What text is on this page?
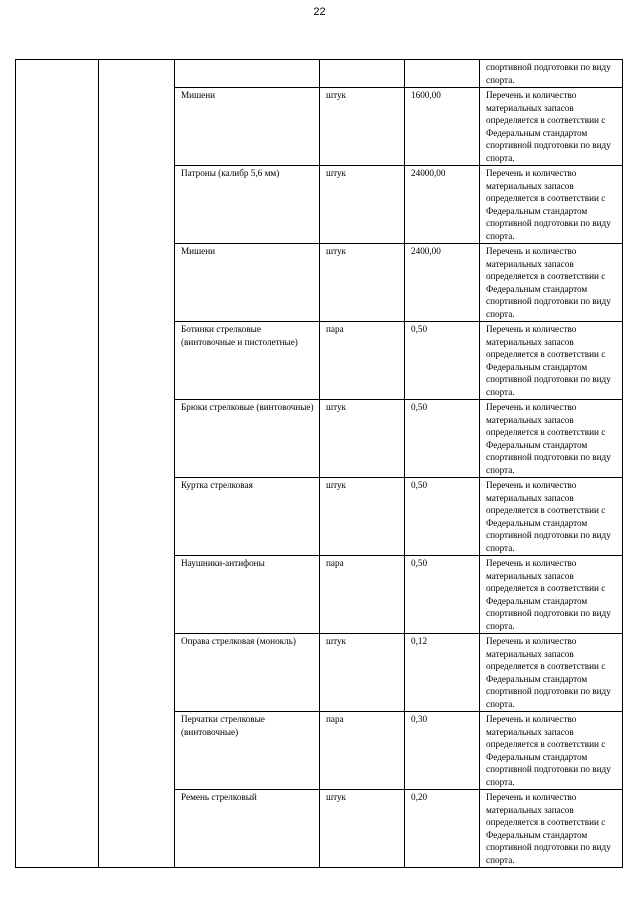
22
					спортивной подготовки по виду спорта.
		Мишени	штук	1600,00	Перечень и количество материальных запасов определяется в соответствии с Федеральным стандартом спортивной подготовки по виду спорта.
		Патроны (калибр 5,6 мм)	штук	24000,00	Перечень и количество материальных запасов определяется в соответствии с Федеральным стандартом спортивной подготовки по виду спорта.
		Мишени	штук	2400,00	Перечень и количество материальных запасов определяется в соответствии с Федеральным стандартом спортивной подготовки по виду спорта.
		Ботинки стрелковые (винтовочные и пистолетные)	пара	0,50	Перечень и количество материальных запасов определяется в соответствии с Федеральным стандартом спортивной подготовки по виду спорта.
		Брюки стрелковые (винтовочные)	штук	0,50	Перечень и количество материальных запасов определяется в соответствии с Федеральным стандартом спортивной подготовки по виду спорта.
		Куртка стрелковая	штук	0,50	Перечень и количество материальных запасов определяется в соответствии с Федеральным стандартом спортивной подготовки по виду спорта.
		Наушники-антифоны	пара	0,50	Перечень и количество материальных запасов определяется в соответствии с Федеральным стандартом спортивной подготовки по виду спорта.
		Оправа стрелковая (монокль)	штук	0,12	Перечень и количество материальных запасов определяется в соответствии с Федеральным стандартом спортивной подготовки по виду спорта.
		Перчатки стрелковые (винтовочные)	пара	0,30	Перечень и количество материальных запасов определяется в соответствии с Федеральным стандартом спортивной подготовки по виду спорта.
		Ремень стрелковый	штук	0,20	Перечень и количество материальных запасов определяется в соответствии с Федеральным стандартом спортивной подготовки по виду спорта.
